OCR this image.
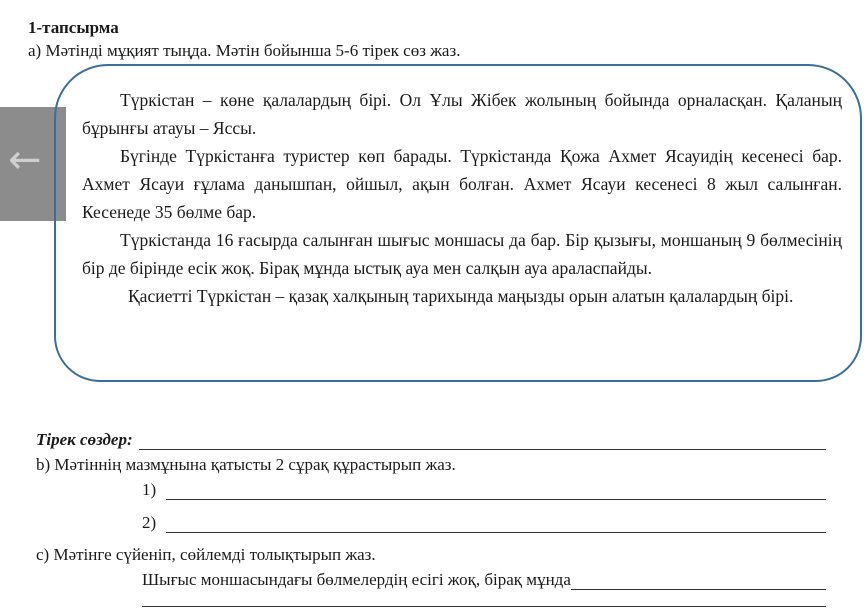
1-тапсырма
а) Мәтінді мұқият тыңда. Мәтін бойынша 5-6 тірек сөз жаз.
←

Түркістан – көне қалалардың бірі. Ол Ұлы Жібек жолының бойында орналасқан. Қаланың бұрынғы атауы – Яссы.

Бүгінде Түркістанға туристер көп барады. Түркістанда Қожа Ахмет Ясауидің кесенесі бар. Ахмет Ясауи ғұлама данышпан, ойшыл, ақын болған. Ахмет Ясауи кесенесі 8 жыл салынған. Кесенеде 35 бөлме бар.

Түркістанда 16 ғасырда салынған шығыс моншасы да бар. Бір қызығы, моншаның 9 бөлмесінің бір де бірінде есік жоқ. Бірақ мұнда ыстық ауа мен салқын ауа араласпайды.

Қасиетті Түркістан – қазақ халқының тарихында маңызды орын алатын қалалардың бірі.

Тірек сөздер:
b) Мәтіннің мазмұнына қатысты 2 сұрақ құрастырып жаз.
1)
2)
c) Мәтінге сүйеніп, сөйлемді толықтырып жаз.
Шығыс моншасындағы бөлмелердің есігі жоқ, бірақ мұнда
